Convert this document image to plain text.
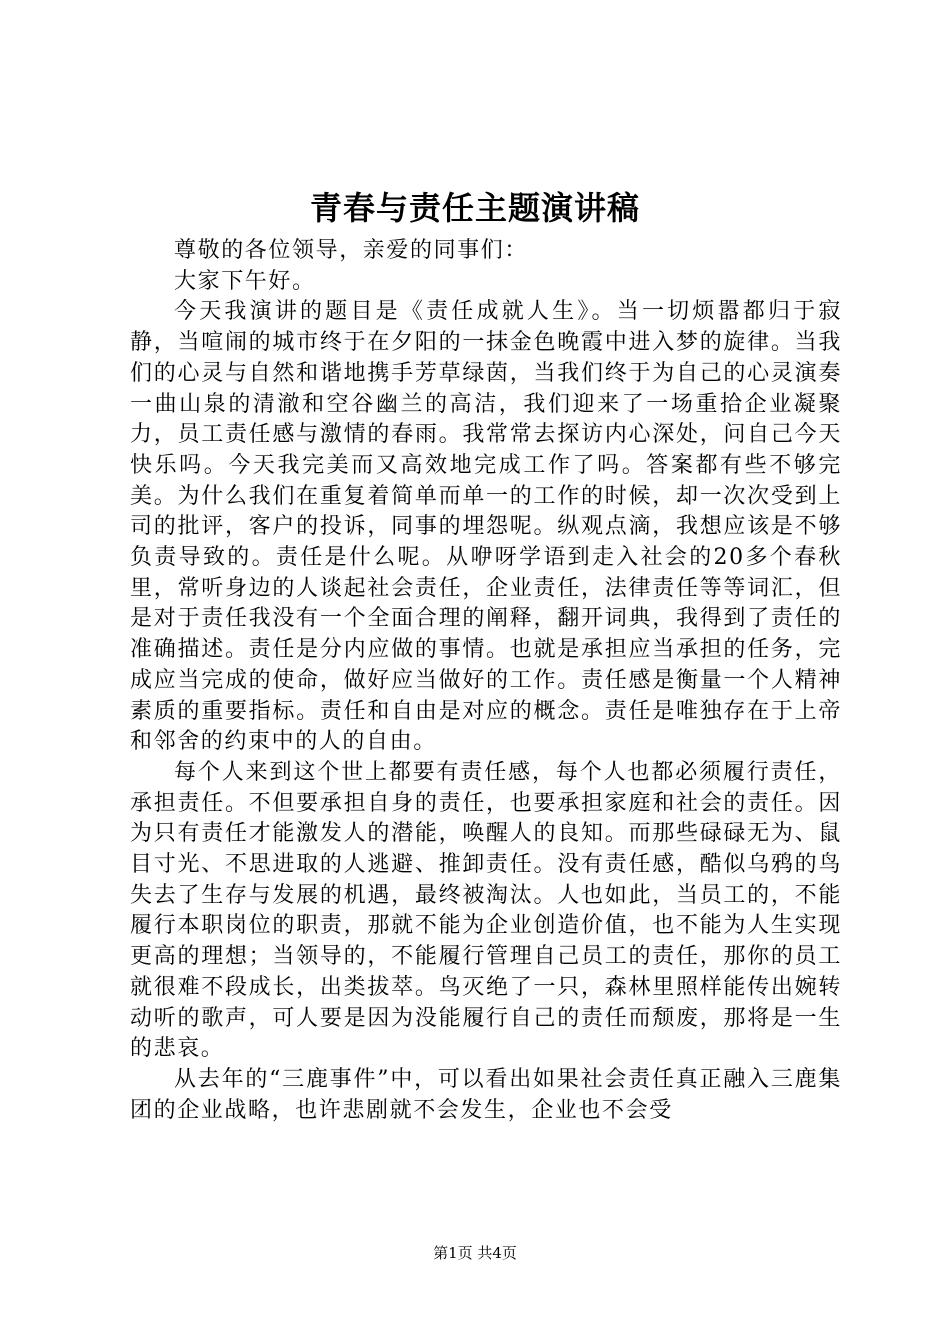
青春与责任主题演讲稿

尊敬的各位领导，亲爱的同事们：

大家下午好。

今天我演讲的题目是《责任成就人生》。当一切烦嚣都归于寂静，当喧闹的城市终于在夕阳的一抹金色晚霞中进入梦的旋律。当我们的心灵与自然和谐地携手芳草绿茵，当我们终于为自己的心灵演奏一曲山泉的清澈和空谷幽兰的高洁，我们迎来了一场重拾企业凝聚力，员工责任感与激情的春雨。我常常去探访内心深处，问自己今天快乐吗。今天我完美而又高效地完成工作了吗。答案都有些不够完美。为什么我们在重复着简单而单一的工作的时候，却一次次受到上司的批评，客户的投诉，同事的埋怨呢。纵观点滴，我想应该是不够负责导致的。责任是什么呢。从咿呀学语到走入社会的20多个春秋里，常听身边的人谈起社会责任，企业责任，法律责任等等词汇，但是对于责任我没有一个全面合理的阐释，翻开词典，我得到了责任的准确描述。责任是分内应做的事情。也就是承担应当承担的任务，完成应当完成的使命，做好应当做好的工作。责任感是衡量一个人精神素质的重要指标。责任和自由是对应的概念。责任是唯独存在于上帝和邻舍的约束中的人的自由。

每个人来到这个世上都要有责任感，每个人也都必须履行责任，承担责任。不但要承担自身的责任，也要承担家庭和社会的责任。因为只有责任才能激发人的潜能，唤醒人的良知。而那些碌碌无为、鼠目寸光、不思进取的人逃避、推卸责任。没有责任感，酷似乌鸦的鸟失去了生存与发展的机遇，最终被淘汰。人也如此，当员工的，不能履行本职岗位的职责，那就不能为企业创造价值，也不能为人生实现更高的理想；当领导的，不能履行管理自己员工的责任，那你的员工就很难不段成长，出类拔萃。鸟灭绝了一只，森林里照样能传出婉转动听的歌声，可人要是因为没能履行自己的责任而颓废，那将是一生的悲哀。

从去年的“三鹿事件”中，可以看出如果社会责任真正融入三鹿集团的企业战略，也许悲剧就不会发生，企业也不会受

第1页 共4页
